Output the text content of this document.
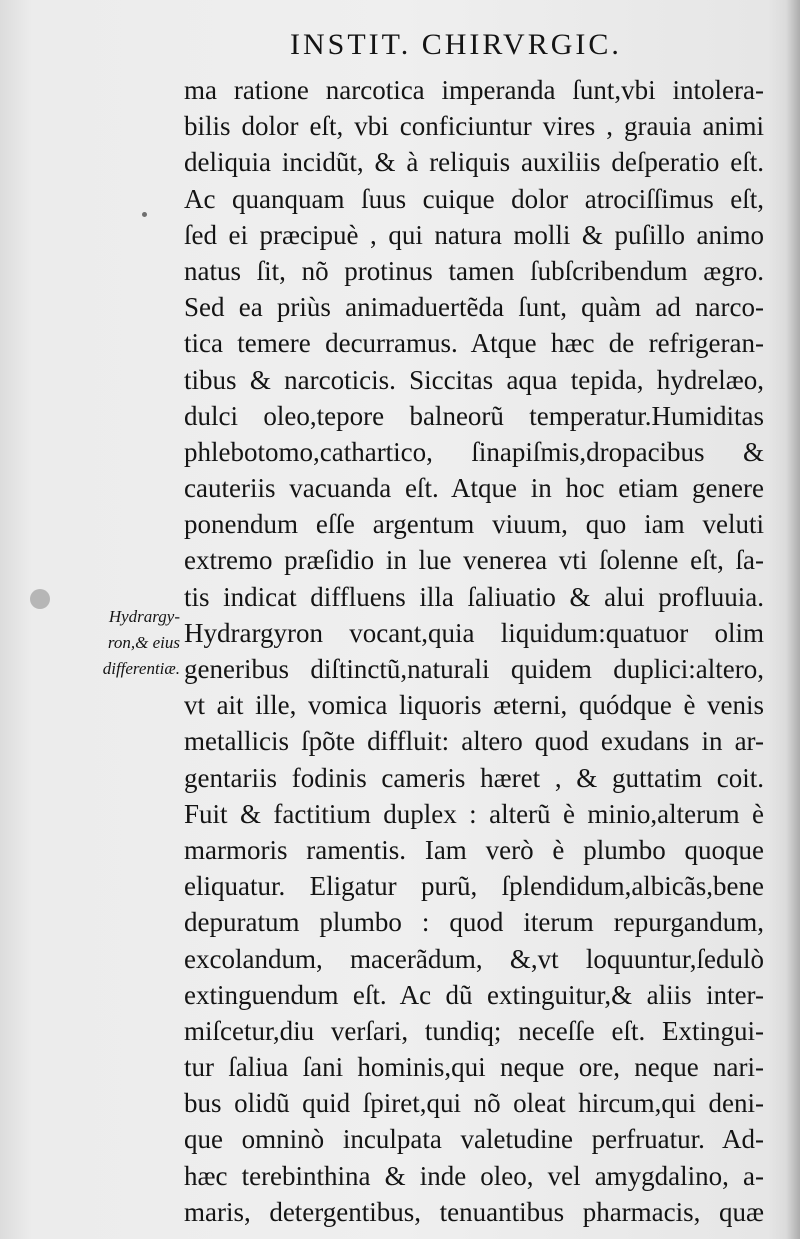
INSTIT. CHIRVRGIC.
Hydrargy-
ron,& eius
differentiæ.
ma ratione narcotica imperanda ſunt,vbi intolera-
bilis dolor eſt, vbi conficiuntur vires , grauia animi
deliquia incidũt, & à reliquis auxiliis deſperatio eſt.
Ac quanquam ſuus cuique dolor atrociſſimus eſt,
ſed ei præcipuè , qui natura molli & puſillo animo
natus ſit, nõ protinus tamen ſubſcribendum ægro.
Sed ea priùs animaduertẽda ſunt, quàm ad narco-
tica temere decurramus. Atque hæc de refrigeran-
tibus & narcoticis. Siccitas aqua tepida, hydrelæo,
dulci oleo,tepore balneorũ temperatur.Humiditas
phlebotomo,cathartico, ſinapiſmis,dropacibus &
cauteriis vacuanda eſt. Atque in hoc etiam genere
ponendum eſſe argentum viuum, quo iam veluti
extremo præſidio in lue venerea vti ſolenne eſt, ſa-
tis indicat diffluens illa ſaliuatio & alui profluuia.
Hydrargyron vocant,quia liquidum:quatuor olim
generibus diſtinctũ,naturali quidem duplici:altero,
vt ait ille, vomica liquoris æterni, quódque è venis
metallicis ſpõte diffluit: altero quod exudans in ar-
gentariis fodinis cameris hæret , & guttatim coit.
Fuit & factitium duplex : alterũ è minio,alterum è
marmoris ramentis. Iam verò è plumbo quoque
eliquatur. Eligatur purũ, ſplendidum,albicãs,bene
depuratum plumbo : quod iterum repurgandum,
excolandum, macerãdum, &,vt loquuntur,ſedulò
extinguendum eſt. Ac dũ extinguitur,& aliis inter-
miſcetur,diu verſari, tundiq; neceſſe eſt. Extingui-
tur ſaliua ſani hominis,qui neque ore, neque nari-
bus olidũ quid ſpiret,qui nõ oleat hircum,qui deni-
que omninò inculpata valetudine perfruatur. Ad-
hæc terebinthina & inde oleo, vel amygdalino, a-
maris, detergentibus, tenuantibus pharmacis, quæ
